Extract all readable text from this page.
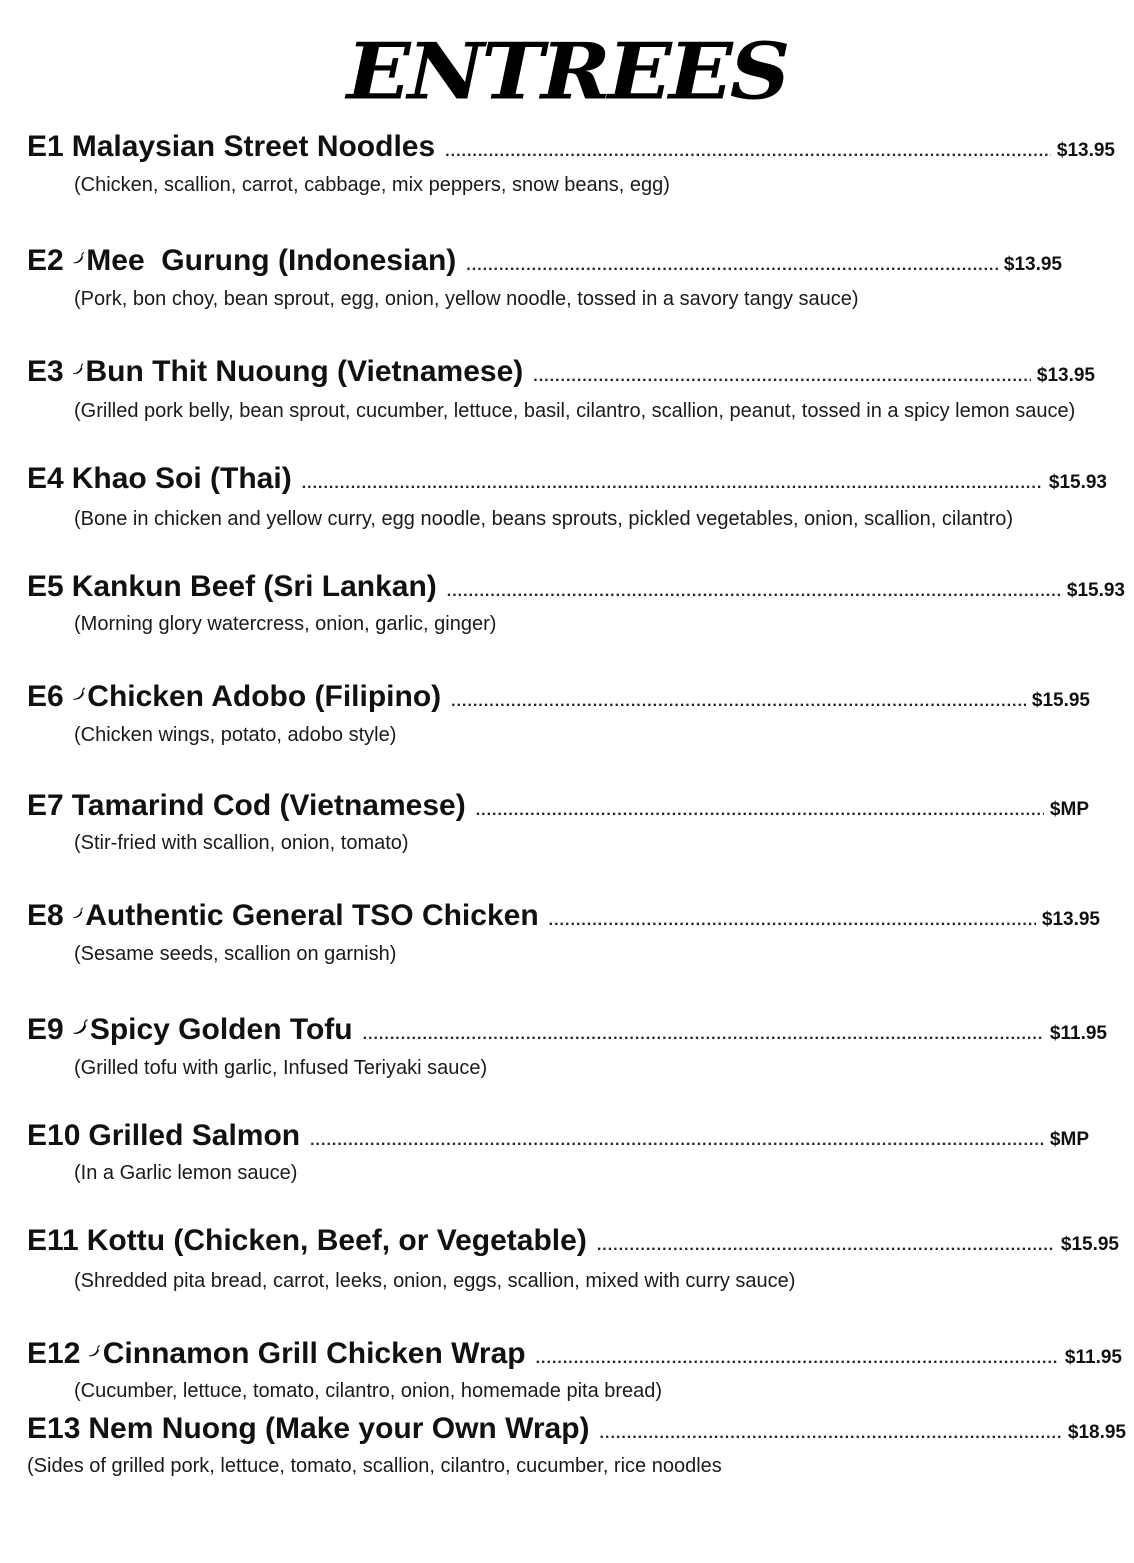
ENTREES
E1 Malaysian Street Noodles .....	$13.95
(Chicken, scallion, carrot, cabbage, mix peppers, snow beans, egg)
E2 Mee  Gurung (Indonesian) .....	$13.95
(Pork, bon choy, bean sprout, egg, onion, yellow noodle, tossed in a savory tangy sauce)
E3 Bun Thit Nuoung (Vietnamese) .....	$13.95
(Grilled pork belly, bean sprout, cucumber, lettuce, basil, cilantro, scallion, peanut, tossed in a spicy lemon sauce)
E4 Khao Soi (Thai) .....	$15.93
(Bone in chicken and yellow curry, egg noodle, beans sprouts, pickled vegetables, onion, scallion, cilantro)
E5 Kankun Beef (Sri Lankan) .....	$15.93
(Morning glory watercress, onion, garlic, ginger)
E6 Chicken Adobo (Filipino) .....	$15.95
(Chicken wings, potato, adobo style)
E7 Tamarind Cod (Vietnamese) .....	$MP
(Stir-fried with scallion, onion, tomato)
E8 Authentic General TSO Chicken .....	$13.95
(Sesame seeds, scallion on garnish)
E9 Spicy Golden Tofu .....	$11.95
(Grilled tofu with garlic, Infused Teriyaki sauce)
E10 Grilled Salmon .....	$MP
(In a Garlic lemon sauce)
E11 Kottu (Chicken, Beef, or Vegetable) .....	$15.95
(Shredded pita bread, carrot, leeks, onion, eggs, scallion, mixed with curry sauce)
E12 Cinnamon Grill Chicken Wrap .....	$11.95
(Cucumber, lettuce, tomato, cilantro, onion, homemade pita bread)
E13 Nem Nuong (Make your Own Wrap) .....	$18.95
(Sides of grilled pork, lettuce, tomato, scallion, cilantro, cucumber, rice noodles
